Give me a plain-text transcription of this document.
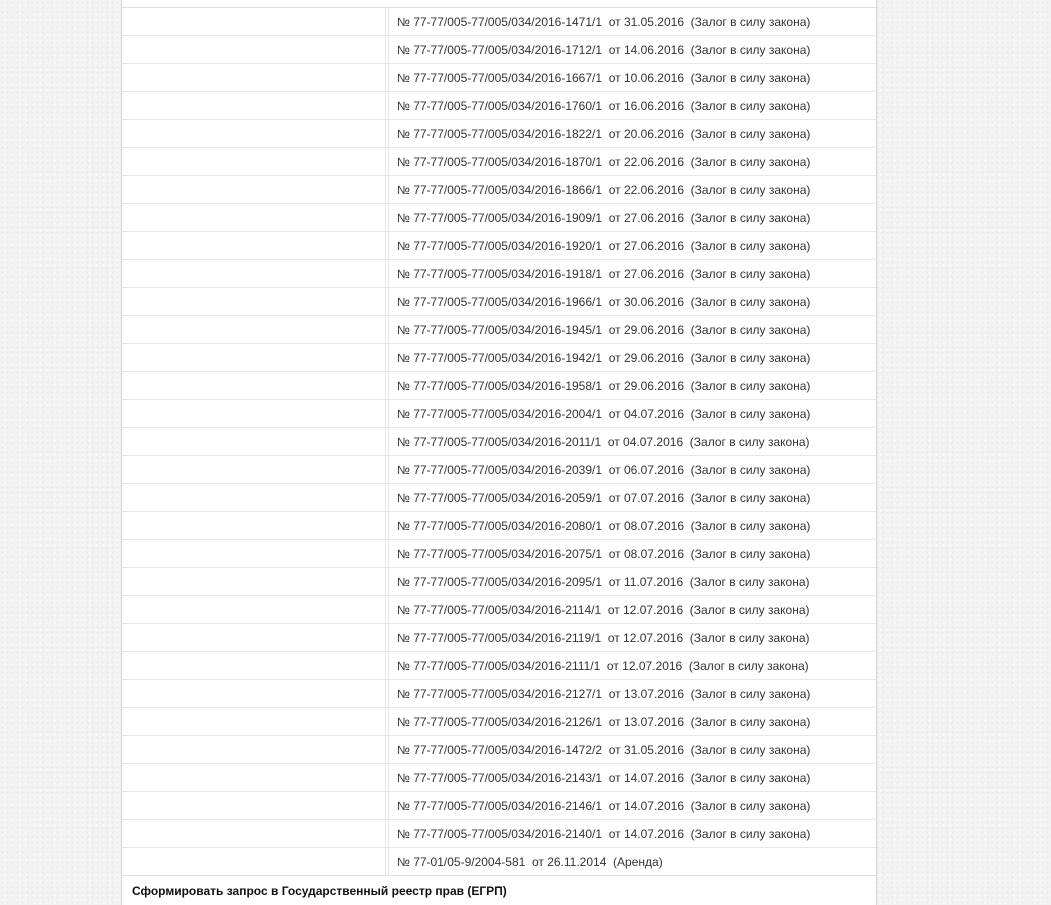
№ 77-77/005-77/005/034/2016-1471/1  от 31.05.2016  (Залог в силу закона)
№ 77-77/005-77/005/034/2016-1712/1  от 14.06.2016  (Залог в силу закона)
№ 77-77/005-77/005/034/2016-1667/1  от 10.06.2016  (Залог в силу закона)
№ 77-77/005-77/005/034/2016-1760/1  от 16.06.2016  (Залог в силу закона)
№ 77-77/005-77/005/034/2016-1822/1  от 20.06.2016  (Залог в силу закона)
№ 77-77/005-77/005/034/2016-1870/1  от 22.06.2016  (Залог в силу закона)
№ 77-77/005-77/005/034/2016-1866/1  от 22.06.2016  (Залог в силу закона)
№ 77-77/005-77/005/034/2016-1909/1  от 27.06.2016  (Залог в силу закона)
№ 77-77/005-77/005/034/2016-1920/1  от 27.06.2016  (Залог в силу закона)
№ 77-77/005-77/005/034/2016-1918/1  от 27.06.2016  (Залог в силу закона)
№ 77-77/005-77/005/034/2016-1966/1  от 30.06.2016  (Залог в силу закона)
№ 77-77/005-77/005/034/2016-1945/1  от 29.06.2016  (Залог в силу закона)
№ 77-77/005-77/005/034/2016-1942/1  от 29.06.2016  (Залог в силу закона)
№ 77-77/005-77/005/034/2016-1958/1  от 29.06.2016  (Залог в силу закона)
№ 77-77/005-77/005/034/2016-2004/1  от 04.07.2016  (Залог в силу закона)
№ 77-77/005-77/005/034/2016-2011/1  от 04.07.2016  (Залог в силу закона)
№ 77-77/005-77/005/034/2016-2039/1  от 06.07.2016  (Залог в силу закона)
№ 77-77/005-77/005/034/2016-2059/1  от 07.07.2016  (Залог в силу закона)
№ 77-77/005-77/005/034/2016-2080/1  от 08.07.2016  (Залог в силу закона)
№ 77-77/005-77/005/034/2016-2075/1  от 08.07.2016  (Залог в силу закона)
№ 77-77/005-77/005/034/2016-2095/1  от 11.07.2016  (Залог в силу закона)
№ 77-77/005-77/005/034/2016-2114/1  от 12.07.2016  (Залог в силу закона)
№ 77-77/005-77/005/034/2016-2119/1  от 12.07.2016  (Залог в силу закона)
№ 77-77/005-77/005/034/2016-2111/1  от 12.07.2016  (Залог в силу закона)
№ 77-77/005-77/005/034/2016-2127/1  от 13.07.2016  (Залог в силу закона)
№ 77-77/005-77/005/034/2016-2126/1  от 13.07.2016  (Залог в силу закона)
№ 77-77/005-77/005/034/2016-1472/2  от 31.05.2016  (Залог в силу закона)
№ 77-77/005-77/005/034/2016-2143/1  от 14.07.2016  (Залог в силу закона)
№ 77-77/005-77/005/034/2016-2146/1  от 14.07.2016  (Залог в силу закона)
№ 77-77/005-77/005/034/2016-2140/1  от 14.07.2016  (Залог в силу закона)
№ 77-01/05-9/2004-581  от 26.11.2014  (Аренда)
Сформировать запрос в Государственный реестр прав (ЕГРП)
